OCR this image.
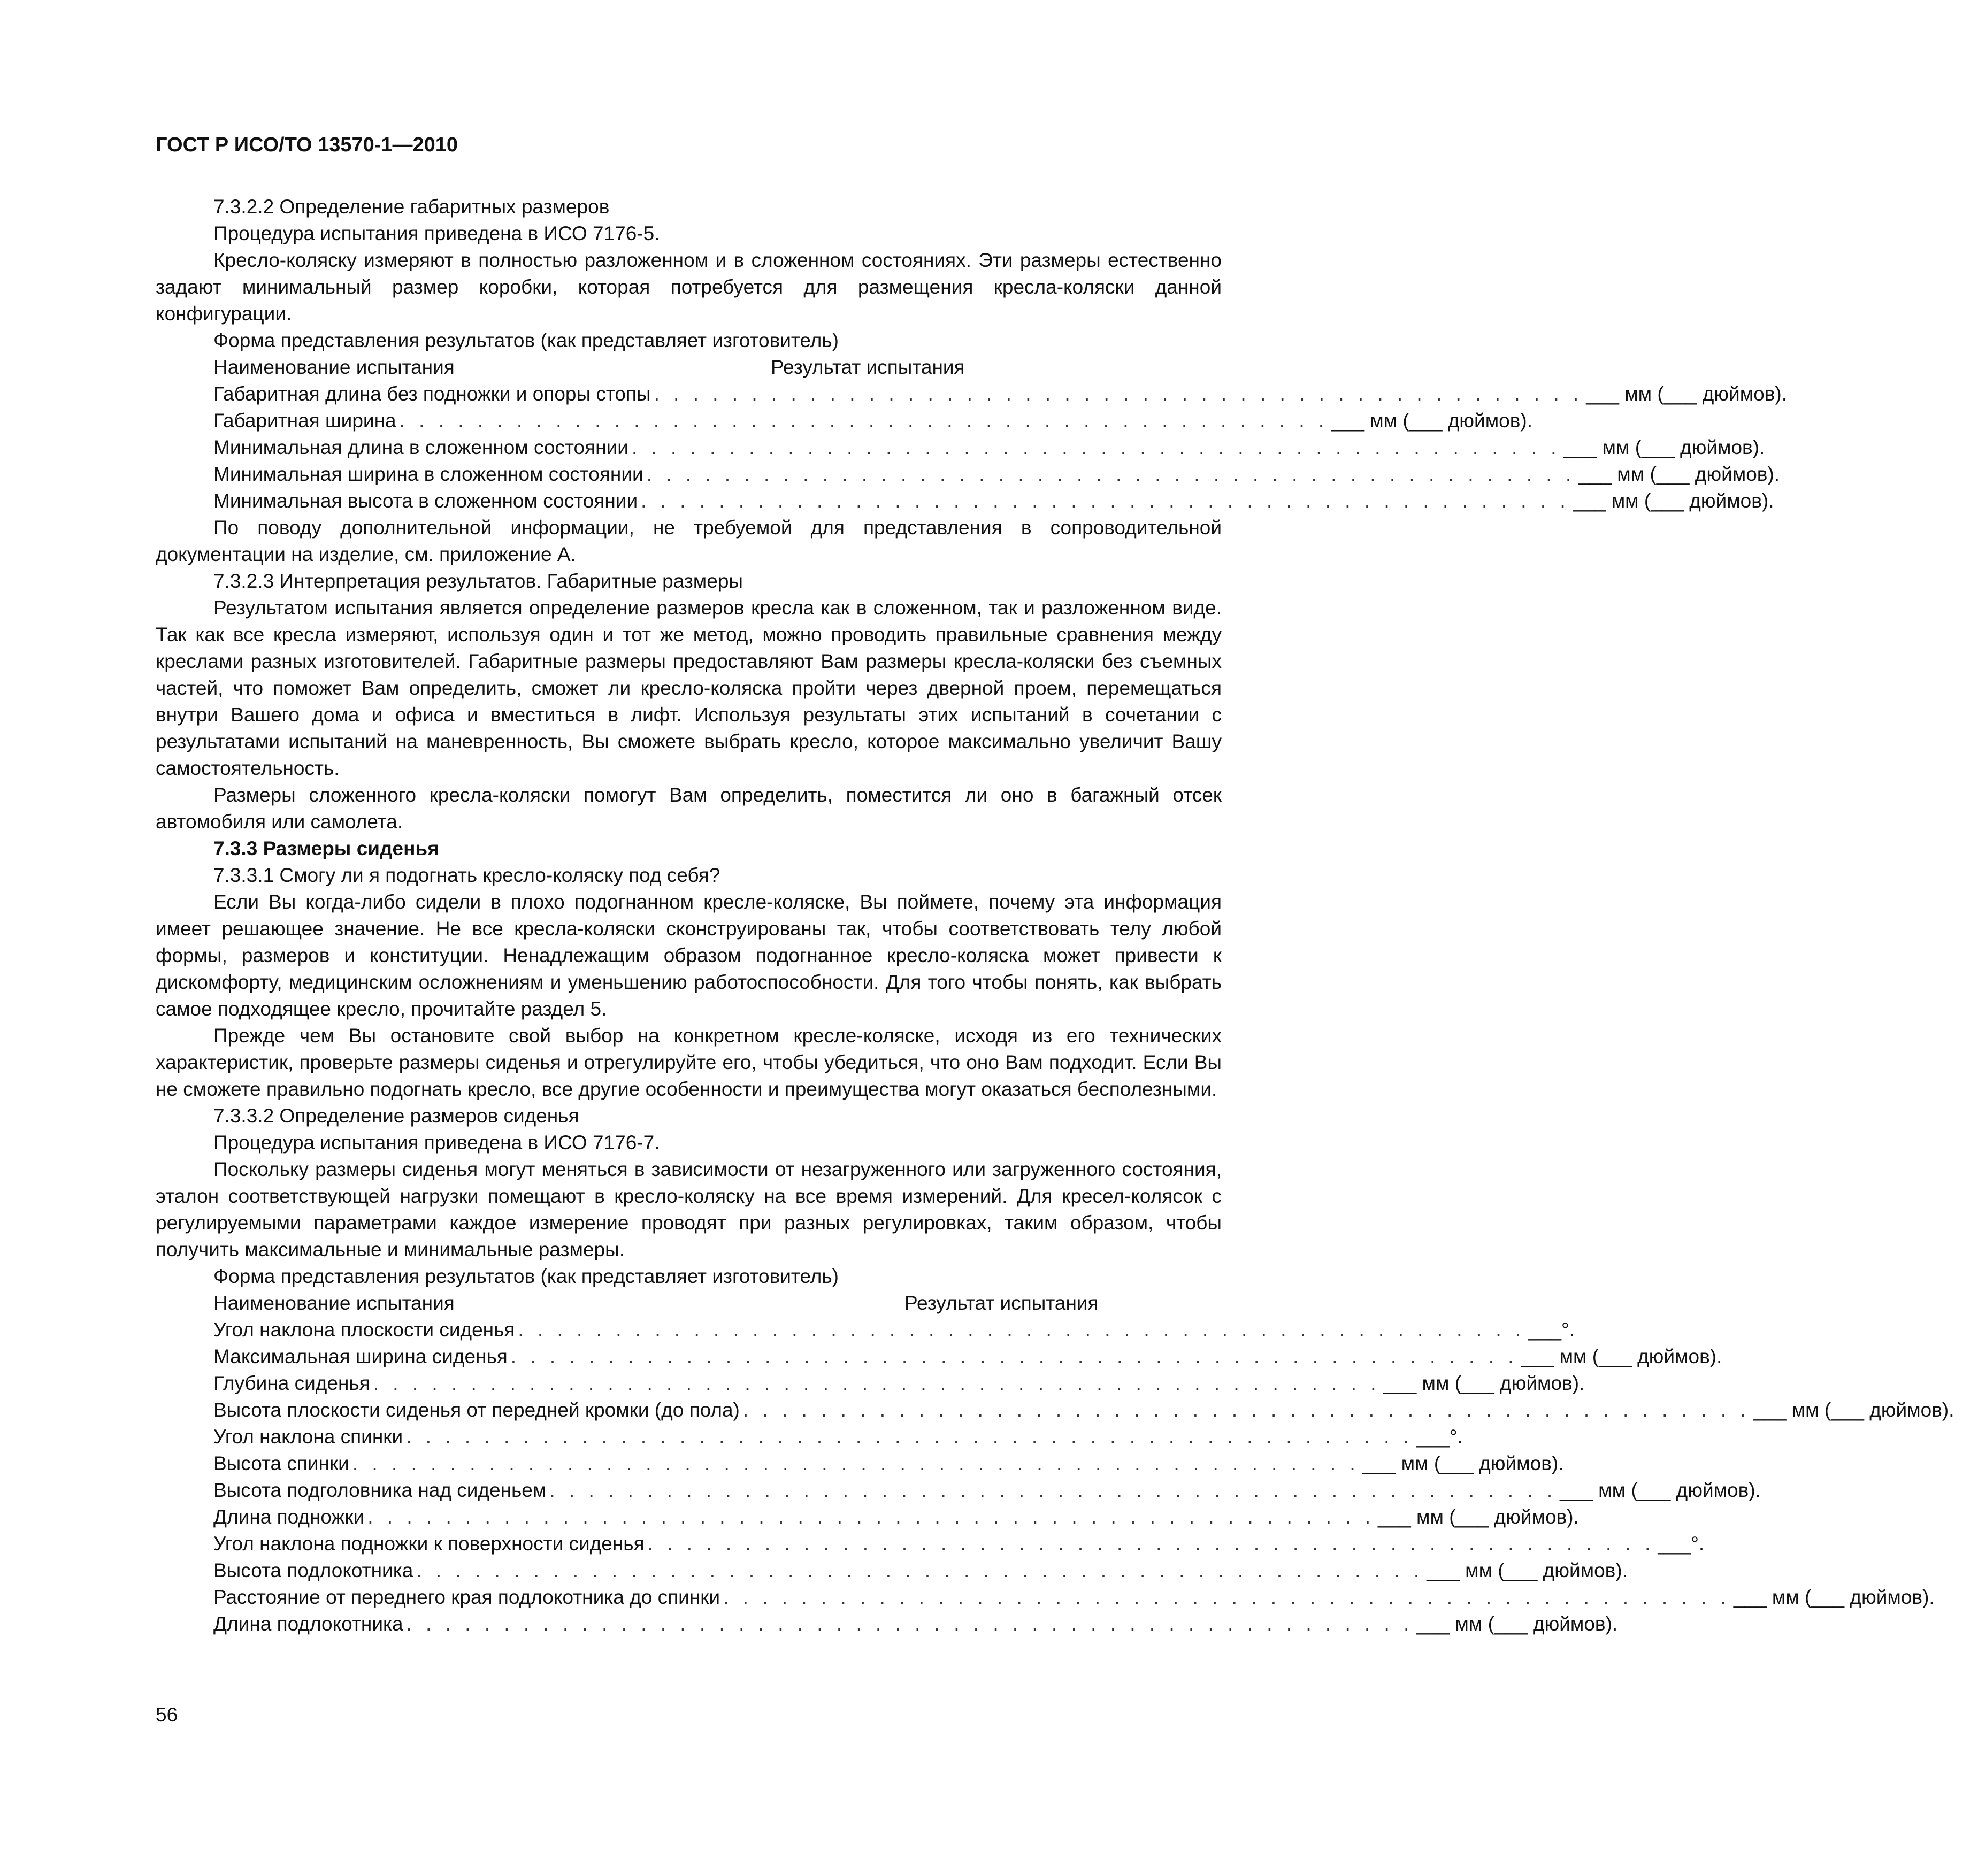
ГОСТ Р ИСО/ТО 13570-1—2010

7.3.2.2 Определение габаритных размеров

Процедура испытания приведена в ИСО 7176-5.

Кресло-коляску измеряют в полностью разложенном и в сложенном состояниях. Эти размеры естественно задают минимальный размер коробки, которая потребуется для размещения кресла-коляски данной конфигурации.

Форма представления результатов (как представляет изготовитель)

Наименование испытания	Результат испытания
Габаритная длина без подножки и опоры стопы . . . . . . . . . . . . . . . . . . . . . . . . . . . . . . . . . . . . . . . . . . . . . . . . ___ мм (___ дюймов).
Габаритная ширина . . . . . . . . . . . . . . . . . . . . . . . . . . . . . . . . . . . . . . . . . . . . . . . . ___ мм (___ дюймов).
Минимальная длина в сложенном состоянии . . . . . . . . . . . . . . . . . . . . . . . . . . . . . . . . . . . . . . . . . . . . . . . . ___ мм (___ дюймов).
Минимальная ширина в сложенном состоянии . . . . . . . . . . . . . . . . . . . . . . . . . . . . . . . . . . . . . . . . . . . . . . . . ___ мм (___ дюймов).
Минимальная высота в сложенном состоянии . . . . . . . . . . . . . . . . . . . . . . . . . . . . . . . . . . . . . . . . . . . . . . . . ___ мм (___ дюймов).

По поводу дополнительной информации, не требуемой для представления в сопроводительной документации на изделие, см. приложение А.

7.3.2.3 Интерпретация результатов. Габаритные размеры

Результатом испытания является определение размеров кресла как в сложенном, так и разложенном виде. Так как все кресла измеряют, используя один и тот же метод, можно проводить правильные сравнения между креслами разных изготовителей. Габаритные размеры предоставляют Вам размеры кресла-коляски без съемных частей, что поможет Вам определить, сможет ли кресло-коляска пройти через дверной проем, перемещаться внутри Вашего дома и офиса и вместиться в лифт. Используя результаты этих испытаний в сочетании с результатами испытаний на маневренность, Вы сможете выбрать кресло, которое максимально увеличит Вашу самостоятельность.

Размеры сложенного кресла-коляски помогут Вам определить, поместится ли оно в багажный отсек автомобиля или самолета.

7.3.3 Размеры сиденья

7.3.3.1 Смогу ли я подогнать кресло-коляску под себя?

Если Вы когда-либо сидели в плохо подогнанном кресле-коляске, Вы поймете, почему эта информация имеет решающее значение. Не все кресла-коляски сконструированы так, чтобы соответствовать телу любой формы, размеров и конституции. Ненадлежащим образом подогнанное кресло-коляска может привести к дискомфорту, медицинским осложнениям и уменьшению работоспособности. Для того чтобы понять, как выбрать самое подходящее кресло, прочитайте раздел 5.

Прежде чем Вы остановите свой выбор на конкретном кресле-коляске, исходя из его технических характеристик, проверьте размеры сиденья и отрегулируйте его, чтобы убедиться, что оно Вам подходит. Если Вы не сможете правильно подогнать кресло, все другие особенности и преимущества могут оказаться бесполезными.

7.3.3.2 Определение размеров сиденья

Процедура испытания приведена в ИСО 7176-7.

Поскольку размеры сиденья могут меняться в зависимости от незагруженного или загруженного состояния, эталон соответствующей нагрузки помещают в кресло-коляску на все время измерений. Для кресел-колясок с регулируемыми параметрами каждое измерение проводят при разных регулировках, таким образом, чтобы получить максимальные и минимальные размеры.

Форма представления результатов (как представляет изготовитель)

Наименование испытания	Результат испытания
Угол наклона плоскости сиденья . . . . . . . . . . . . . . . . . . . . . . . . . . . . . . . . . . . . . . . . . . . . . . . . . . . . ___°.
Максимальная ширина сиденья . . . . . . . . . . . . . . . . . . . . . . . . . . . . . . . . . . . . . . . . . . . . . . . . . . . . ___ мм (___ дюймов).
Глубина сиденья . . . . . . . . . . . . . . . . . . . . . . . . . . . . . . . . . . . . . . . . . . . . . . . . . . . . ___ мм (___ дюймов).
Высота плоскости сиденья от передней кромки (до пола) . . . . . . . . . . . . . . . . . . . . . . . . . . . . . . . . . . . . . . . . . . . . . . . . . . . . ___ мм (___ дюймов).
Угол наклона спинки . . . . . . . . . . . . . . . . . . . . . . . . . . . . . . . . . . . . . . . . . . . . . . . . . . . . ___°.
Высота спинки . . . . . . . . . . . . . . . . . . . . . . . . . . . . . . . . . . . . . . . . . . . . . . . . . . . . ___ мм (___ дюймов).
Высота подголовника над сиденьем . . . . . . . . . . . . . . . . . . . . . . . . . . . . . . . . . . . . . . . . . . . . . . . . . . . . ___ мм (___ дюймов).
Длина подножки . . . . . . . . . . . . . . . . . . . . . . . . . . . . . . . . . . . . . . . . . . . . . . . . . . . . ___ мм (___ дюймов).
Угол наклона подножки к поверхности сиденья . . . . . . . . . . . . . . . . . . . . . . . . . . . . . . . . . . . . . . . . . . . . . . . . . . . . ___°.
Высота подлокотника . . . . . . . . . . . . . . . . . . . . . . . . . . . . . . . . . . . . . . . . . . . . . . . . . . . . ___ мм (___ дюймов).
Расстояние от переднего края подлокотника до спинки . . . . . . . . . . . . . . . . . . . . . . . . . . . . . . . . . . . . . . . . . . . . . . . . . . . . ___ мм (___ дюймов).
Длина подлокотника . . . . . . . . . . . . . . . . . . . . . . . . . . . . . . . . . . . . . . . . . . . . . . . . . . . . ___ мм (___ дюймов).
56
